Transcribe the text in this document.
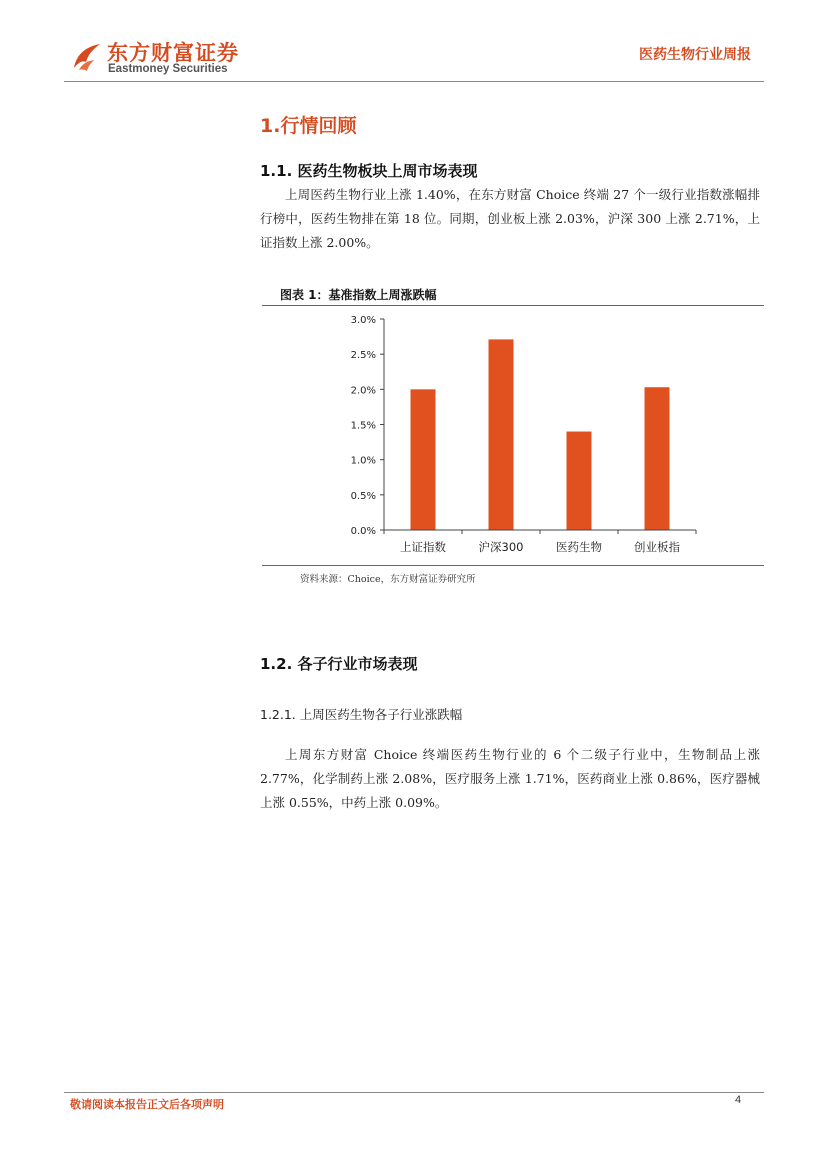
东方财富证券
Eastmoney Securities
医药生物行业周报
1.行情回顾
1.1. 医药生物板块上周市场表现

上周医药生物行业上涨 1.40%，在东方财富 Choice 终端 27 个一级行业指数涨幅排行榜中，医药生物排在第 18 位。同期，创业板上涨 2.03%，沪深 300 上涨 2.71%，上证指数上涨 2.00%。

图表 1：基准指数上周涨跌幅
0.0%
0.5%
1.0%
1.5%
2.0%
2.5%
3.0%
上证指数	沪深300	医药生物	创业板指
资料来源：Choice，东方财富证券研究所
1.2. 各子行业市场表现
1.2.1. 上周医药生物各子行业涨跌幅

上周东方财富 Choice 终端医药生物行业的 6 个二级子行业中，生物制品上涨 2.77%，化学制药上涨 2.08%，医疗服务上涨 1.71%，医药商业上涨 0.86%，医疗器械上涨 0.55%，中药上涨 0.09%。

敬请阅读本报告正文后各项声明	4
